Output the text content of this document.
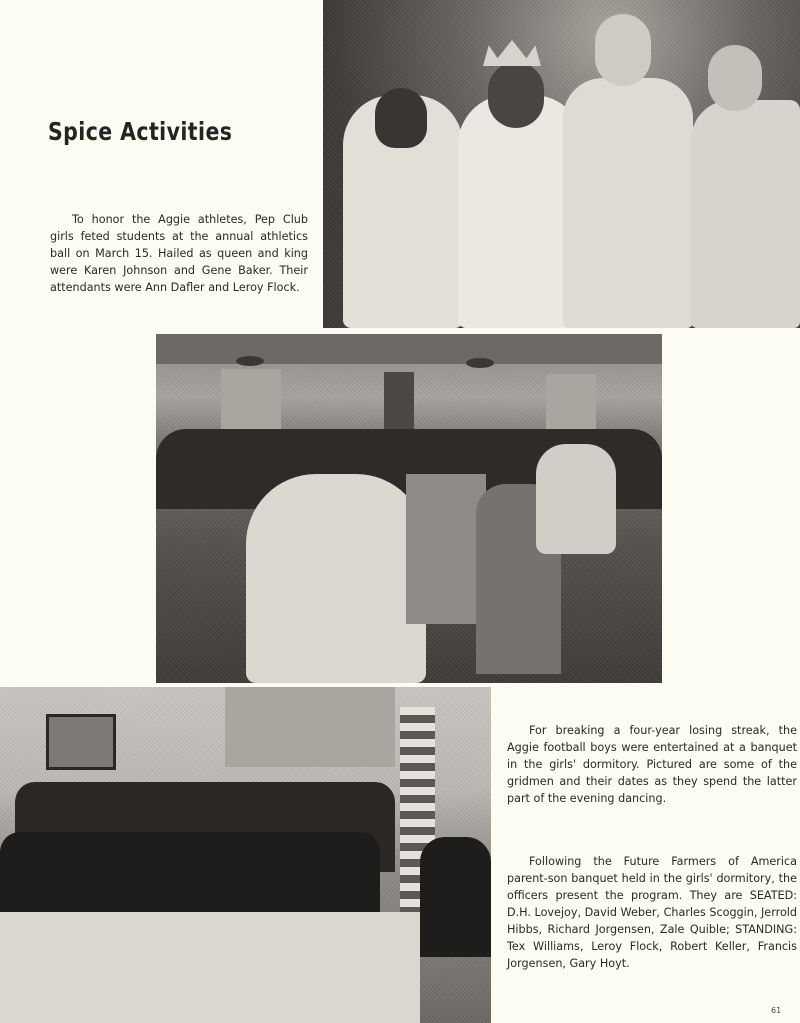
Spice Activities

To honor the Aggie athletes, Pep Club girls feted students at the annual athletics ball on March 15. Hailed as queen and king were Karen Johnson and Gene Baker. Their attendants were Ann Dafler and Leroy Flock.

For breaking a four-year losing streak, the Aggie football boys were entertained at a banquet in the girls' dormitory. Pictured are some of the gridmen and their dates as they spend the latter part of the evening dancing.

Following the Future Farmers of America parent-son banquet held in the girls' dormitory, the officers present the program. They are SEATED: D.H. Lovejoy, David Weber, Charles Scoggin, Jerrold Hibbs, Richard Jorgensen, Zale Quible; STANDING: Tex Williams, Leroy Flock, Robert Keller, Francis Jorgensen, Gary Hoyt.

61
